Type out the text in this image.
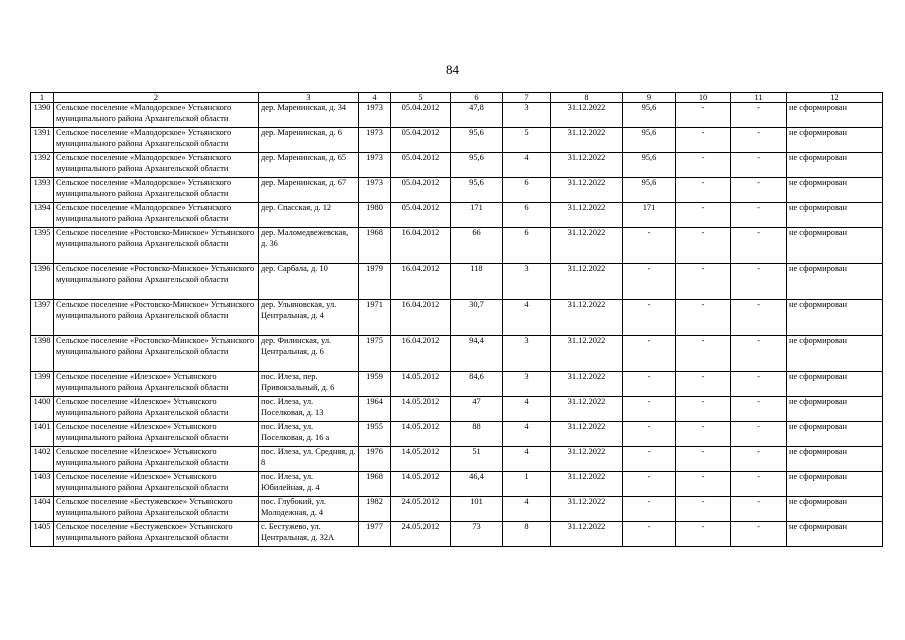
84
1	2	3	4	5	6	7	8	9	10	11	12
1390	Сельское поселение «Малодорское» Устьянского муниципального района Архангельской области	дер. Маренинская, д. 34	1973	05.04.2012	47,8	3	31.12.2022	95,6	-	-	не сформирован
1391	Сельское поселение «Малодорское» Устьянского муниципального района Архангельской области	дер. Маренинская, д. 6	1973	05.04.2012	95,6	5	31.12.2022	95,6	-	-	не сформирован
1392	Сельское поселение «Малодорское» Устьянского муниципального района Архангельской области	дер. Маренинская, д. 65	1973	05.04.2012	95,6	4	31.12.2022	95,6	-	-	не сформирован
1393	Сельское поселение «Малодорское» Устьянского муниципального района Архангельской области	дер. Маренинская, д. 67	1973	05.04.2012	95,6	6	31.12.2022	95,6	-	-	не сформирован
1394	Сельское поселение «Малодорское» Устьянского муниципального района Архангельской области	дер. Спасская, д. 12	1980	05.04.2012	171	6	31.12.2022	171	-	-	не сформирован
1395	Сельское поселение «Ростовско-Минское» Устьянского муниципального района Архангельской области	дер. Маломедвежевская, д. 36	1968	16.04.2012	66	6	31.12.2022	-	-	-	не сформирован
1396	Сельское поселение «Ростовско-Минское» Устьянского муниципального района Архангельской области	дер. Сарбала, д. 10	1979	16.04.2012	118	3	31.12.2022	-	-	-	не сформирован
1397	Сельское поселение «Ростовско-Минское» Устьянского муниципального района Архангельской области	дер. Ульяновская, ул. Центральная, д. 4	1971	16.04.2012	30,7	4	31.12.2022	-	-	-	не сформирован
1398	Сельское поселение «Ростовско-Минское» Устьянского муниципального района Архангельской области	дер. Филинская, ул. Центральная, д. 6	1975	16.04.2012	94,4	3	31.12.2022	-	-	-	не сформирован
1399	Сельское поселение «Илезское» Устьянского муниципального района Архангельской области	пос. Илеза, пер. Привокзальный, д. 6	1959	14.05.2012	84,6	3	31.12.2022	-	-	-	не сформирован
1400	Сельское поселение «Илезское» Устьянского муниципального района Архангельской области	пос. Илеза, ул. Поселковая, д. 13	1964	14.05.2012	47	4	31.12.2022	-	-	-	не сформирован
1401	Сельское поселение «Илезское» Устьянского муниципального района Архангельской области	пос. Илеза, ул. Поселковая, д. 16 а	1955	14.05.2012	88	4	31.12.2022	-	-	-	не сформирован
1402	Сельское поселение «Илезское» Устьянского муниципального района Архангельской области	пос. Илеза, ул. Средняя, д. 8	1976	14.05.2012	51	4	31.12.2022	-	-	-	не сформирован
1403	Сельское поселение «Илезское» Устьянского муниципального района Архангельской области	пос. Илеза, ул. Юбилейная, д. 4	1968	14.05.2012	46,4	1	31.12.2022	-	-	-	не сформирован
1404	Сельское поселение «Бестужевское» Устьянского муниципального района Архангельской области	пос. Глубокий, ул. Молодежная, д. 4	1982	24.05.2012	101	4	31.12.2022	-	-	-	не сформирован
1405	Сельское поселение «Бестужевское» Устьянского муниципального района Архангельской области	с. Бестужево, ул. Центральная, д. 32А	1977	24.05.2012	73	8	31.12.2022	-	-	-	не сформирован
